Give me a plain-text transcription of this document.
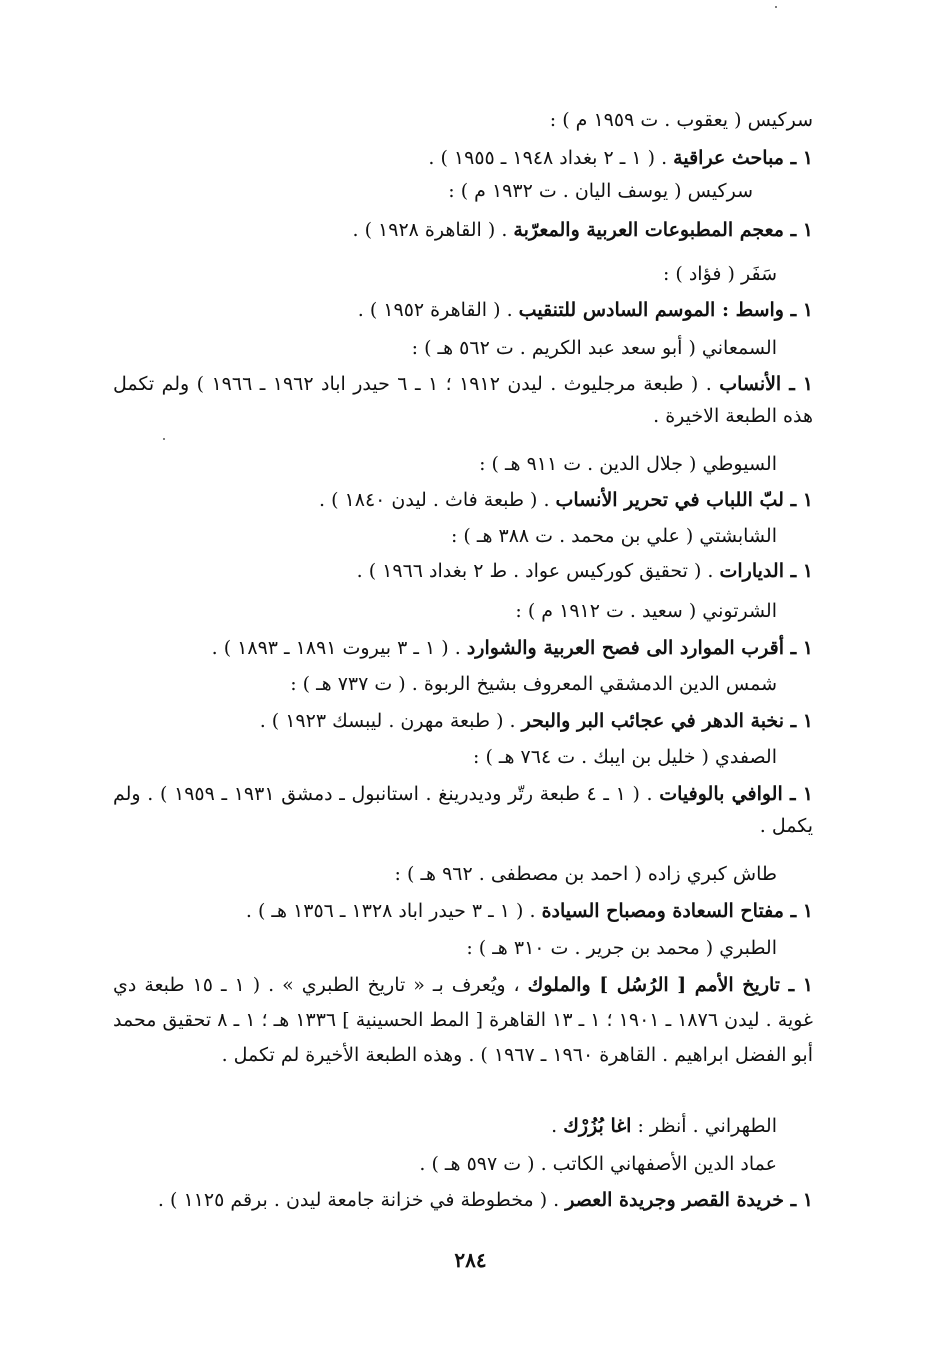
سركيس ( يعقوب . ت ١٩٥٩ م ) :
١ ـ مباحث عراقية . ( ١ ـ ٢ بغداد ١٩٤٨ ـ ١٩٥٥ ) .
سركيس ( يوسف اليان . ت ١٩٣٢ م ) :
١ ـ معجم المطبوعات العربية والمعرّبة . ( القاهرة ١٩٢٨ ) .
سَفَر ( فؤاد ) :
١ ـ واسط : الموسم السادس للتنقيب . ( القاهرة ١٩٥٢ ) .
السمعاني ( أبو سعد عبد الكريم . ت ٥٦٢ هـ ) :
١ ـ الأنساب . ( طبعة مرجليوث . ليدن ١٩١٢ ؛ ١ ـ ٦ حيدر اباد ١٩٦٢ ـ ١٩٦٦ ) ولم تكمل هذه الطبعة الاخيرة .
السيوطي ( جلال الدين . ت ٩١١ هـ ) :
١ ـ لبّ اللباب في تحرير الأنساب . ( طبعة فاث . ليدن ١٨٤٠ ) .
الشابشتي ( علي بن محمد . ت ٣٨٨ هـ ) :
١ ـ الديارات . ( تحقيق كوركيس عواد . ط ٢ بغداد ١٩٦٦ ) .
الشرتوني ( سعيد . ت ١٩١٢ م ) :
١ ـ أقرب الموارد الى فصح العربية والشوارد . ( ١ ـ ٣ بيروت ١٨٩١ ـ ١٨٩٣ ) .
شمس الدين الدمشقي المعروف بشيخ الربوة . ( ت ٧٣٧ هـ ) :
١ ـ نخبة الدهر في عجائب البر والبحر . ( طبعة مهرن . ليبسك ١٩٢٣ ) .
الصفدي ( خليل بن ايبك . ت ٧٦٤ هـ ) :
١ ـ الوافي بالوفيات . ( ١ ـ ٤ طبعة رتّر وديدرينغ . استانبول ـ دمشق ١٩٣١ ـ ١٩٥٩ ) . ولم يكمل .
طاش كبري زاده ( احمد بن مصطفى . ٩٦٢ هـ ) :
١ ـ مفتاح السعادة ومصباح السيادة . ( ١ ـ ٣ حيدر اباد ١٣٢٨ ـ ١٣٥٦ هـ ) .
الطبري ( محمد بن جرير . ت ٣١٠ هـ ) :
١ ـ تاريخ الأمم [ الرُسُل ] والملوك ، ويُعرف بـ « تاريخ الطبري » . ( ١ ـ ١٥ طبعة دي غوية . ليدن ١٨٧٦ ـ ١٩٠١ ؛ ١ ـ ١٣ القاهرة [ المط الحسينية ] ١٣٣٦ هـ ؛ ١ ـ ٨ تحقيق محمد أبو الفضل ابراهيم . القاهرة ١٩٦٠ ـ ١٩٦٧ ) . وهذه الطبعة الأخيرة لم تكمل .
الطهراني . أنظر : اغا بُزُرْك .
عماد الدين الأصفهاني الكاتب . ( ت ٥٩٧ هـ ) .
١ ـ خريدة القصر وجريدة العصر . ( مخطوطة في خزانة جامعة ليدن . برقم ١١٢٥ ) .
٢٨٤
